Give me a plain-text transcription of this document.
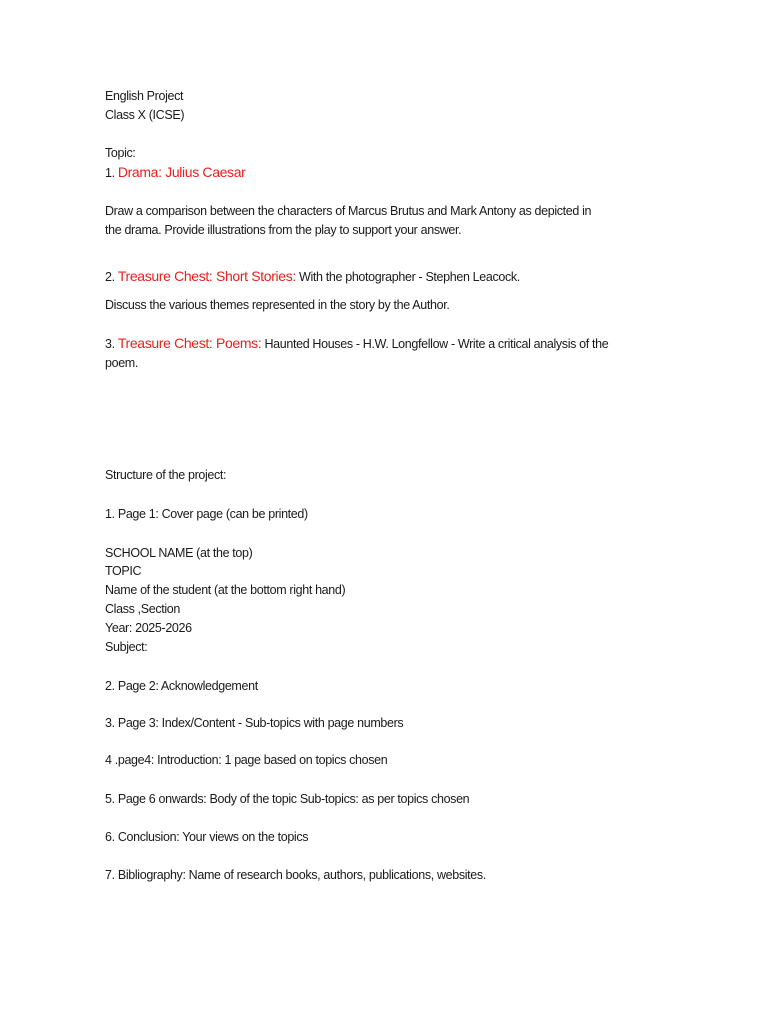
English Project
Class X (ICSE)
Topic:
1. Drama: Julius Caesar
Draw a comparison between the characters of Marcus Brutus and Mark Antony as depicted in
the drama. Provide illustrations from the play to support your answer.
2. Treasure Chest: Short Stories: With the photographer - Stephen Leacock.
Discuss the various themes represented in the story by the Author.
3. Treasure Chest: Poems: Haunted Houses - H.W. Longfellow - Write a critical analysis of the
poem.
Structure of the project:
1. Page 1: Cover page (can be printed)
SCHOOL NAME (at the top)
TOPIC
Name of the student (at the bottom right hand)
Class ,Section
Year: 2025-2026
Subject:
2. Page 2: Acknowledgement
3. Page 3: Index/Content - Sub-topics with page numbers
4 .page4: Introduction: 1 page based on topics chosen
5. Page 6 onwards: Body of the topic Sub-topics: as per topics chosen
6. Conclusion: Your views on the topics
7. Bibliography: Name of research books, authors, publications, websites.
